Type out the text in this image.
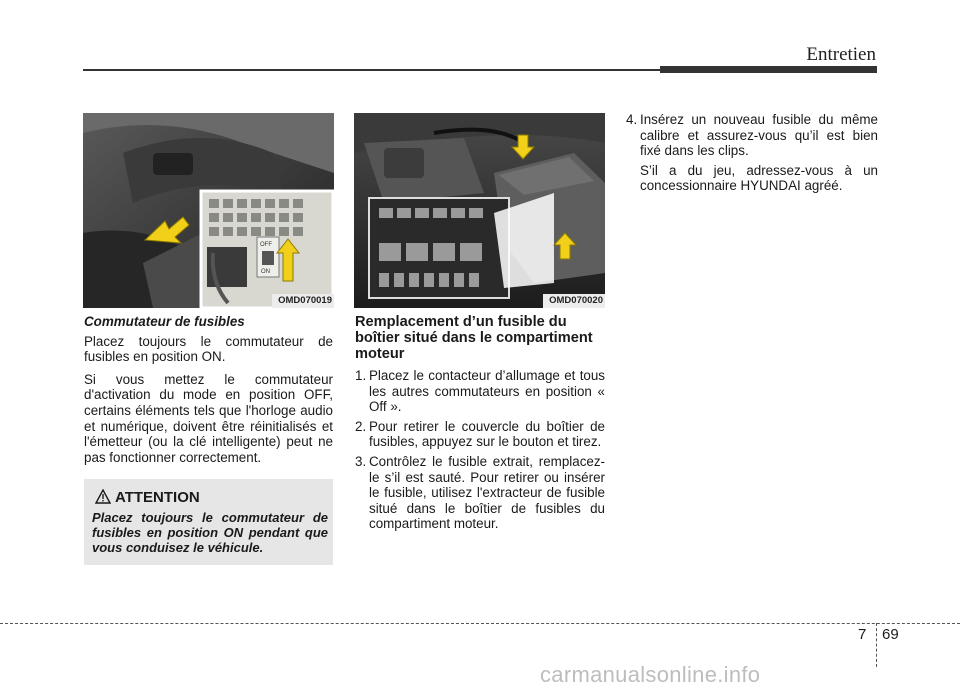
Entretien
OFF
ON
OMD070019	OMD070020
Commutateur de fusibles

Placez toujours le commutateur de fusibles en position ON.

Si vous mettez le commutateur d'activation du mode en position OFF, certains éléments tels que l'horloge audio et numérique, doivent être réinitialisés et l'émetteur (ou la clé intelligente) peut ne pas fonctionner correctement.

ATTENTION
Placez toujours le commutateur de fusibles en position ON pendant que vous conduisez le véhicule.
Remplacement d’un fusible du boîtier situé dans le compartiment moteur
1. Placez le contacteur d’allumage et tous les autres commutateurs en position « Off ».
2. Pour retirer le couvercle du boîtier de fusibles, appuyez sur le bouton et tirez.
3. Contrôlez le fusible extrait, remplacez-le s’il est sauté. Pour retirer ou insérer le fusible, utilisez l'extracteur de fusible situé dans le boîtier de fusibles du compartiment moteur.
4. Insérez un nouveau fusible du même calibre et assurez-vous qu’il est bien fixé dans les clips.
S’il a du jeu, adressez-vous à un concessionnaire HYUNDAI agréé.
7 69
carmanualsonline.info
